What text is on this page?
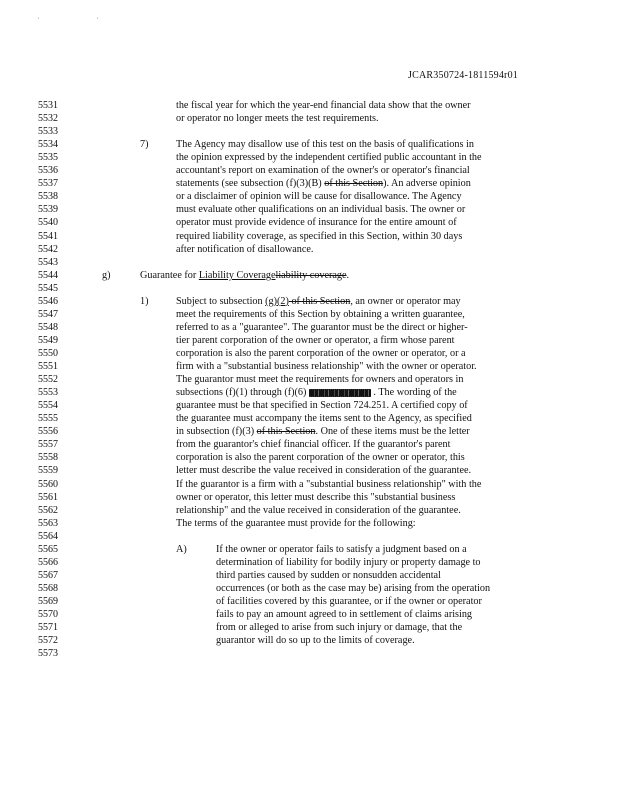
' '
JCAR350724-1811594r01
5531	the fiscal year for which the year-end financial data show that the owner
5532	or operator no longer meets the test requirements.
5533
5534	7)	The Agency may disallow use of this test on the basis of qualifications in
5535	the opinion expressed by the independent certified public accountant in the
5536	accountant's report on examination of the owner's or operator's financial
5537	statements (see subsection (f)(3)(B) of this Section). An adverse opinion
5538	or a disclaimer of opinion will be cause for disallowance. The Agency
5539	must evaluate other qualifications on an individual basis. The owner or
5540	operator must provide evidence of insurance for the entire amount of
5541	required liability coverage, as specified in this Section, within 30 days
5542	after notification of disallowance.
5543
5544	g)	Guarantee for Liability Coverageliability coverage.
5545
5546	1)	Subject to subsection (g)(2) of this Section, an owner or operator may
5547	meet the requirements of this Section by obtaining a written guarantee,
5548	referred to as a "guarantee". The guarantor must be the direct or higher-
5549	tier parent corporation of the owner or operator, a firm whose parent
5550	corporation is also the parent corporation of the owner or operator, or a
5551	firm with a "substantial business relationship" with the owner or operator.
5552	The guarantor must meet the requirements for owners and operators in
5553	subsections (f)(1) through (f)(6)	. The wording of the
5554	guarantee must be that specified in Section 724.251. A certified copy of
5555	the guarantee must accompany the items sent to the Agency, as specified
5556	in subsection (f)(3) of this Section. One of these items must be the letter
5557	from the guarantor's chief financial officer. If the guarantor's parent
5558	corporation is also the parent corporation of the owner or operator, this
5559	letter must describe the value received in consideration of the guarantee.
5560	If the guarantor is a firm with a "substantial business relationship" with the
5561	owner or operator, this letter must describe this "substantial business
5562	relationship" and the value received in consideration of the guarantee.
5563	The terms of the guarantee must provide for the following:
5564
5565	A)	If the owner or operator fails to satisfy a judgment based on a
5566	determination of liability for bodily injury or property damage to
5567	third parties caused by sudden or nonsudden accidental
5568	occurrences (or both as the case may be) arising from the operation
5569	of facilities covered by this guarantee, or if the owner or operator
5570	fails to pay an amount agreed to in settlement of claims arising
5571	from or alleged to arise from such injury or damage, that the
5572	guarantor will do so up to the limits of coverage.
5573
